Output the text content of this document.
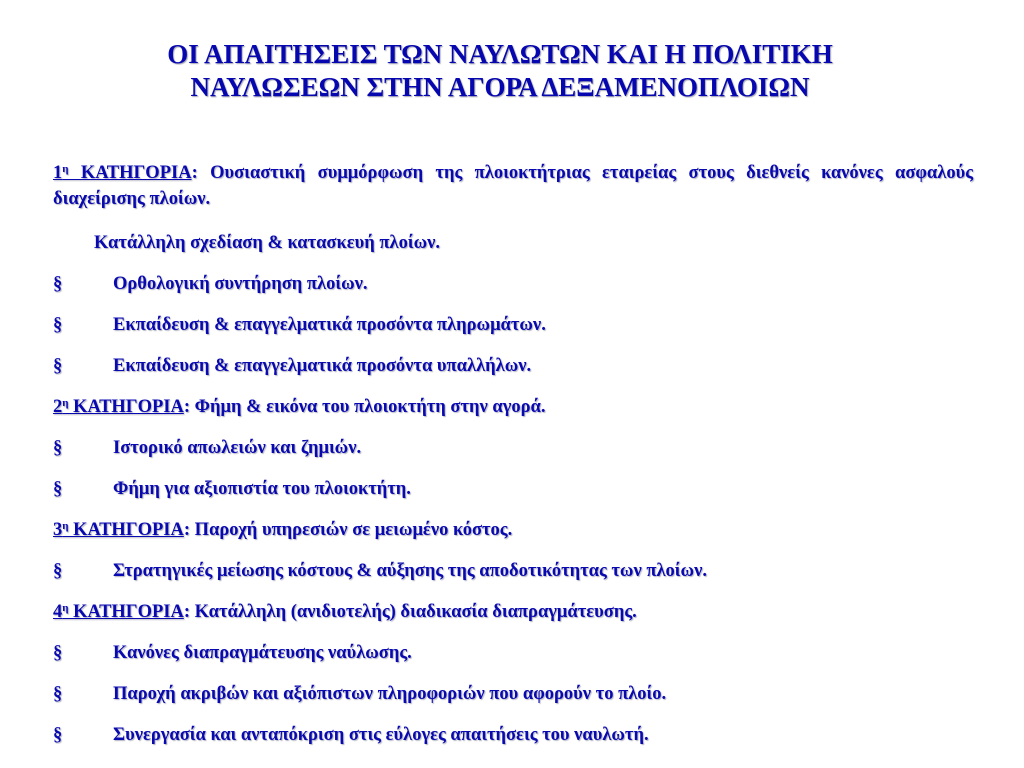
ΟΙ ΑΠΑΙΤΗΣΕΙΣ ΤΩΝ ΝΑΥΛΩΤΩΝ ΚΑΙ Η ΠΟΛΙΤΙΚΗ
ΝΑΥΛΩΣΕΩΝ ΣΤΗΝ ΑΓΟΡΑ ΔΕΞΑΜΕΝΟΠΛΟΙΩΝ
$1^\eta$ ΚΑΤΗΓΟΡΙΑ: Ουσιαστική συμμόρφωση της πλοιοκτήτριας εταιρείας στους διεθνείς κανόνες ασφαλούς διαχείρισης πλοίων.
Κατάλληλη σχεδίαση & κατασκευή πλοίων.
§	Ορθολογική συντήρηση πλοίων.
§	Εκπαίδευση & επαγγελματικά προσόντα πληρωμάτων.
§	Εκπαίδευση & επαγγελματικά προσόντα υπαλλήλων.
$2^\eta$ ΚΑΤΗΓΟΡΙΑ: Φήμη & εικόνα του πλοιοκτήτη στην αγορά.
§	Ιστορικό απωλειών και ζημιών.
§	Φήμη για αξιοπιστία του πλοιοκτήτη.
$3^\eta$ ΚΑΤΗΓΟΡΙΑ: Παροχή υπηρεσιών σε μειωμένο κόστος.
§	Στρατηγικές μείωσης κόστους & αύξησης της αποδοτικότητας των πλοίων.
$4^\eta$ ΚΑΤΗΓΟΡΙΑ: Κατάλληλη (ανιδιοτελής) διαδικασία διαπραγμάτευσης.
§	Κανόνες διαπραγμάτευσης ναύλωσης.
§	Παροχή ακριβών και αξιόπιστων πληροφοριών που αφορούν το πλοίο.
§	Συνεργασία και ανταπόκριση στις εύλογες απαιτήσεις του ναυλωτή.
